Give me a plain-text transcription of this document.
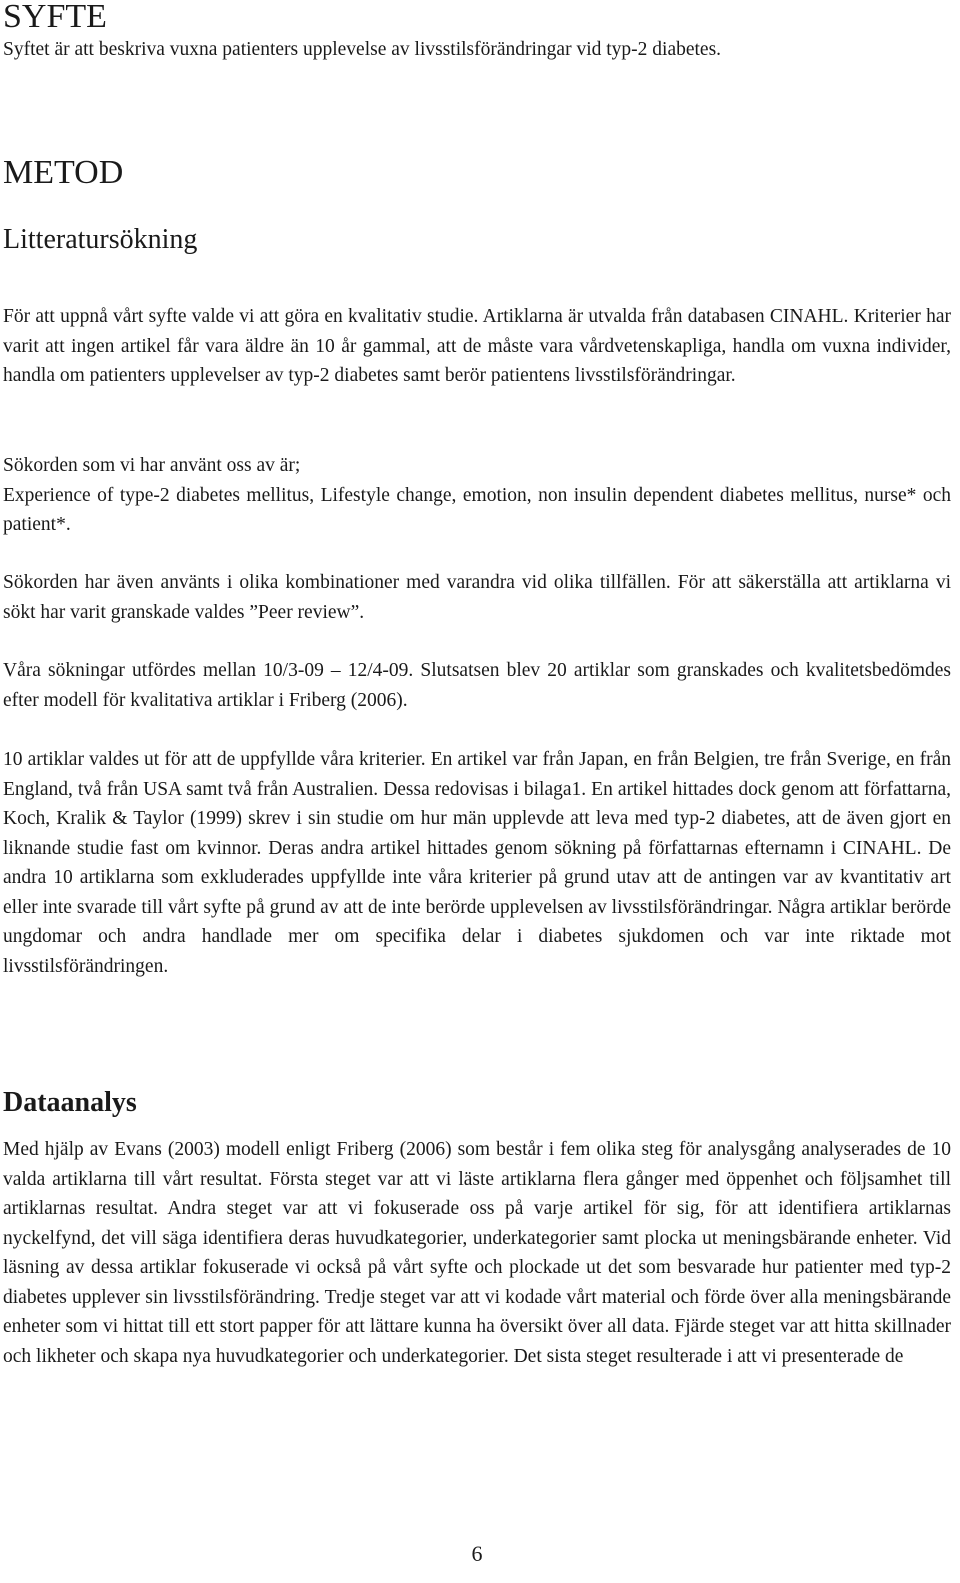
SYFTE

Syftet är att beskriva vuxna patienters upplevelse av livsstilsförändringar vid typ-2 diabetes.

METOD
Litteratursökning

För att uppnå vårt syfte valde vi att göra en kvalitativ studie. Artiklarna är utvalda från databasen CINAHL. Kriterier har varit att ingen artikel får vara äldre än 10 år gammal, att de måste vara vårdvetenskapliga, handla om vuxna individer, handla om patienters upplevelser av typ-2 diabetes samt berör patientens livsstilsförändringar.

Sökorden som vi har använt oss av är;

Experience of type-2 diabetes mellitus, Lifestyle change, emotion, non insulin dependent diabetes mellitus, nurse* och patient*.

Sökorden har även använts i olika kombinationer med varandra vid olika tillfällen. För att säkerställa att artiklarna vi sökt har varit granskade valdes ”Peer review”.

Våra sökningar utfördes mellan 10/3-09 – 12/4-09. Slutsatsen blev 20 artiklar som granskades och kvalitetsbedömdes efter modell för kvalitativa artiklar i Friberg (2006).

10 artiklar valdes ut för att de uppfyllde våra kriterier. En artikel var från Japan, en från Belgien, tre från Sverige, en från England, två från USA samt två från Australien. Dessa redovisas i bilaga1. En artikel hittades dock genom att författarna, Koch, Kralik & Taylor (1999) skrev i sin studie om hur män upplevde att leva med typ-2 diabetes, att de även gjort en liknande studie fast om kvinnor. Deras andra artikel hittades genom sökning på författarnas efternamn i CINAHL. De andra 10 artiklarna som exkluderades uppfyllde inte våra kriterier på grund utav att de antingen var av kvantitativ art eller inte svarade till vårt syfte på grund av att de inte berörde upplevelsen av livsstilsförändringar. Några artiklar berörde ungdomar och andra handlade mer om specifika delar i diabetes sjukdomen och var inte riktade mot livsstilsförändringen.

Dataanalys

Med hjälp av Evans (2003) modell enligt Friberg (2006) som består i fem olika steg för analysgång analyserades de 10 valda artiklarna till vårt resultat. Första steget var att vi läste artiklarna flera gånger med öppenhet och följsamhet till artiklarnas resultat. Andra steget var att vi fokuserade oss på varje artikel för sig, för att identifiera artiklarnas nyckelfynd, det vill säga identifiera deras huvudkategorier, underkategorier samt plocka ut meningsbärande enheter. Vid läsning av dessa artiklar fokuserade vi också på vårt syfte och plockade ut det som besvarade hur patienter med typ-2 diabetes upplever sin livsstilsförändring. Tredje steget var att vi kodade vårt material och förde över alla meningsbärande enheter som vi hittat till ett stort papper för att lättare kunna ha översikt över all data. Fjärde steget var att hitta skillnader och likheter och skapa nya huvudkategorier och underkategorier. Det sista steget resulterade i att vi presenterade de

6
